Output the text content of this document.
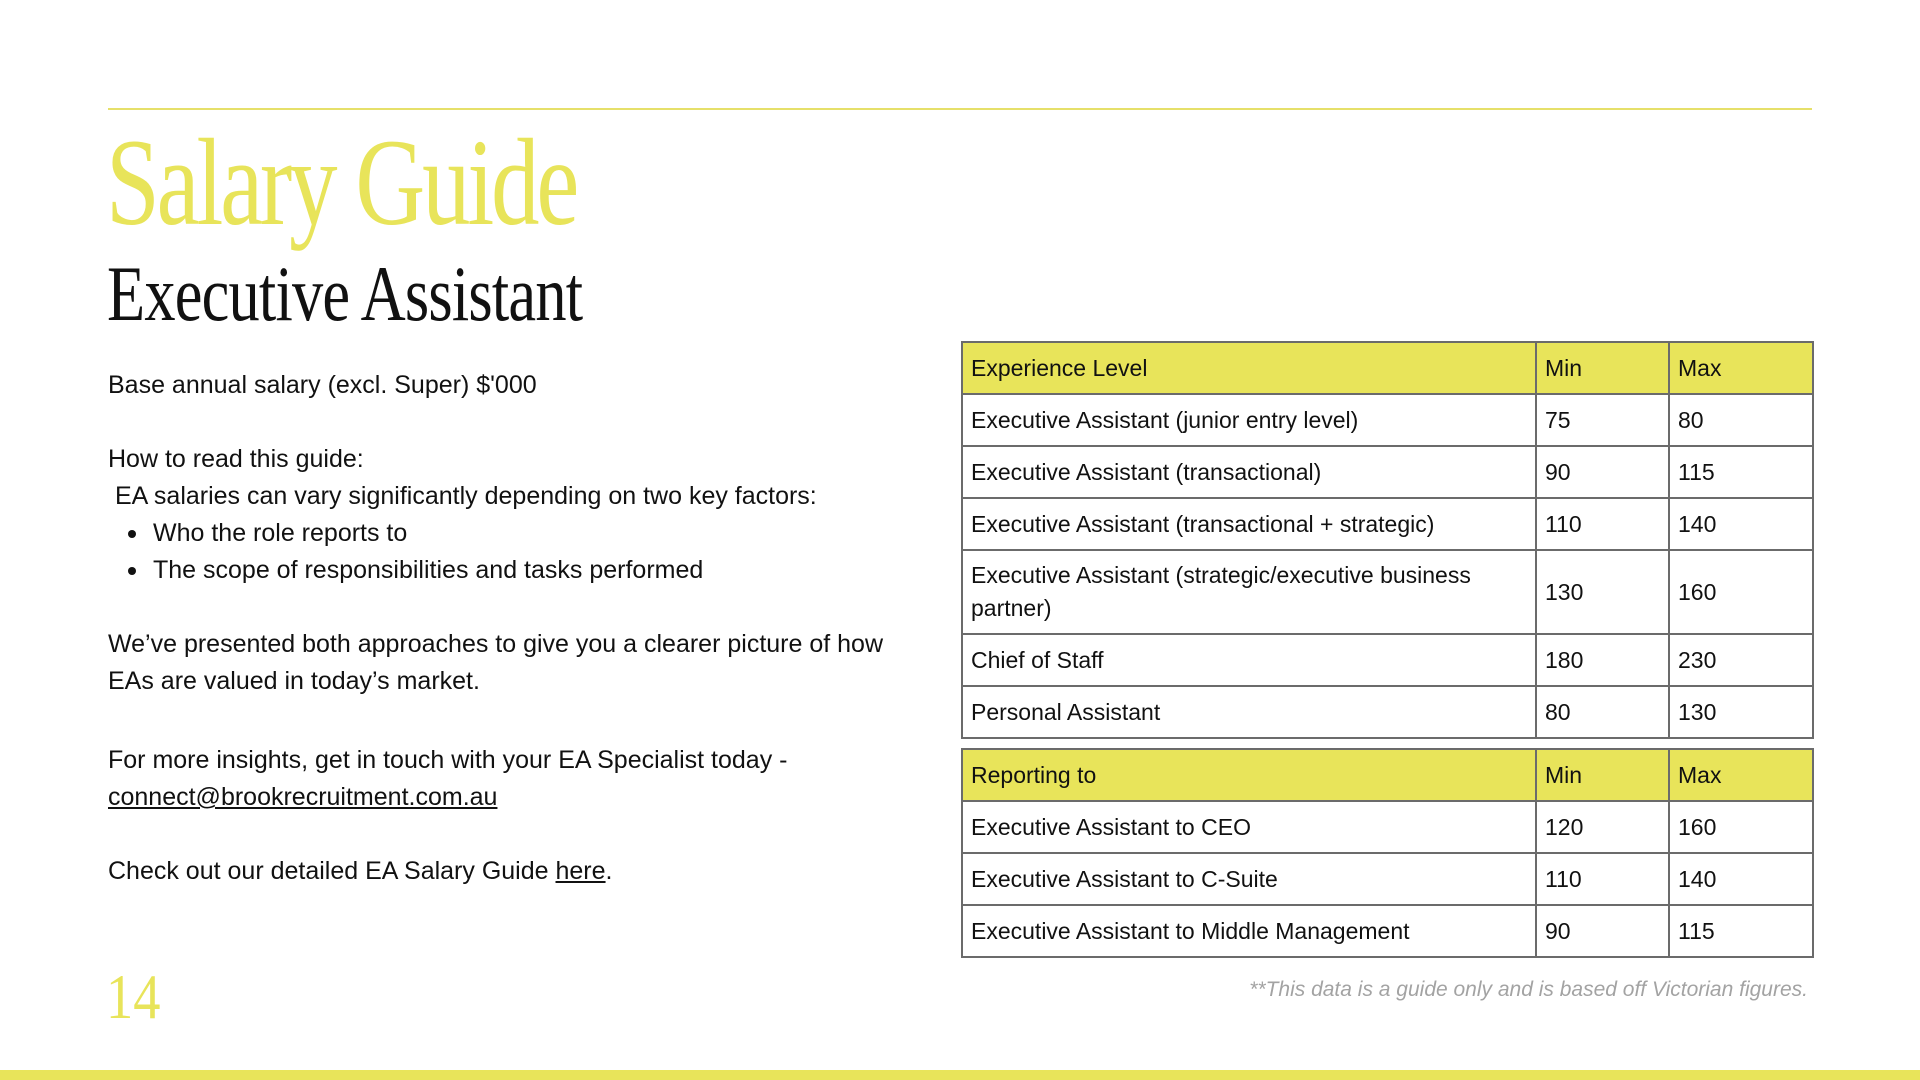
Salary Guide
Executive Assistant

Base annual salary (excl. Super) $'000

How to read this guide:

EA salaries can vary significantly depending on two key factors:

Who the role reports to
The scope of responsibilities and tasks performed

We’ve presented both approaches to give you a clearer picture of how EAs are valued in today’s market.

For more insights, get in touch with your EA Specialist today -
connect@brookrecruitment.com.au

Check out our detailed EA Salary Guide here.

Experience Level	Min	Max
Executive Assistant (junior entry level)	75	80
Executive Assistant (transactional)	90	115
Executive Assistant (transactional + strategic)	110	140
Executive Assistant (strategic/executive business partner)	130	160
Chief of Staff	180	230
Personal Assistant	80	130
Reporting to	Min	Max
Executive Assistant to CEO	120	160
Executive Assistant to C-Suite	110	140
Executive Assistant to Middle Management	90	115
14	**This data is a guide only and is based off Victorian figures.
